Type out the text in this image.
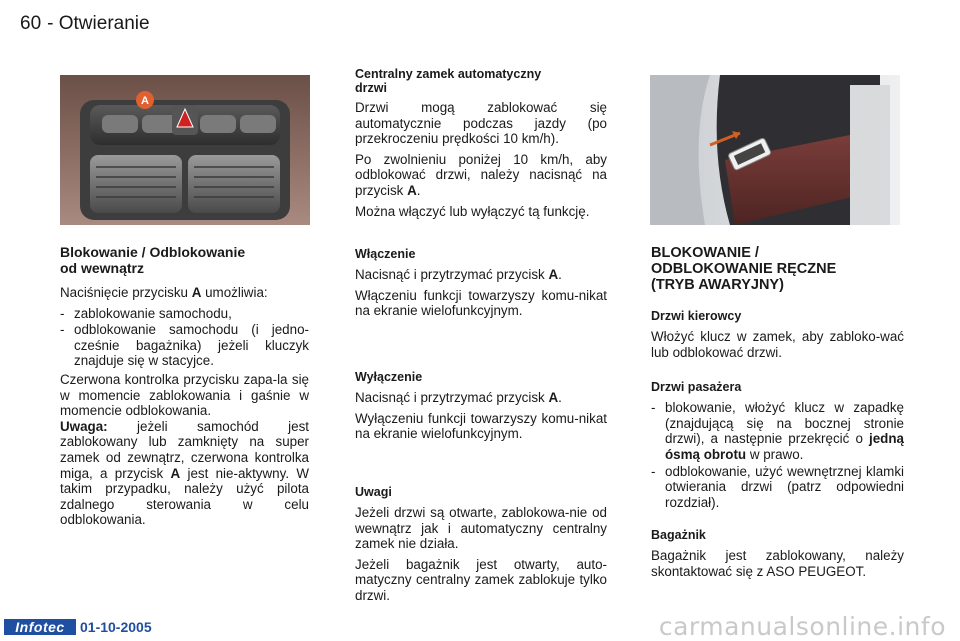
60 - Otwieranie
A

Blokowanie / Odblokowanie
od wewnątrz

Naciśnięcie przycisku A umożliwia:

- zablokowanie samochodu,
- odblokowanie samochodu (i jedno-cześnie bagażnika) jeżeli kluczyk znajduje się w stacyjce.

Czerwona kontrolka przycisku zapa-la się w momencie zablokowania i gaśnie w momencie odblokowania.

Uwaga: jeżeli samochód jest zablokowany lub zamknięty na super zamek od zewnątrz, czerwona kontrolka miga, a przycisk A jest nie-aktywny. W takim przypadku, należy użyć pilota zdalnego sterowania w celu odblokowania.

Centralny zamek automatyczny
drzwi

Drzwi mogą zablokować się automatycznie podczas jazdy (po przekroczeniu prędkości 10 km/h).

Po zwolnieniu poniżej 10 km/h, aby odblokować drzwi, należy nacisnąć na przycisk A.

Można włączyć lub wyłączyć tą funkcję.

Włączenie

Nacisnąć i przytrzymać przycisk A.

Włączeniu funkcji towarzyszy komu-nikat na ekranie wielofunkcyjnym.

Wyłączenie

Nacisnąć i przytrzymać przycisk A.

Wyłączeniu funkcji towarzyszy komu-nikat na ekranie wielofunkcyjnym.

Uwagi

Jeżeli drzwi są otwarte, zablokowa-nie od wewnątrz jak i automatyczny centralny zamek nie działa.

Jeżeli bagażnik jest otwarty, auto-matyczny centralny zamek zablokuje tylko drzwi.

BLOKOWANIE /
ODBLOKOWANIE RĘCZNE
(TRYB AWARYJNY)

Drzwi kierowcy

Włożyć klucz w zamek, aby zabloko-wać lub odblokować drzwi.

Drzwi pasażera

- blokowanie, włożyć klucz w zapadkę (znajdującą się na bocznej stronie drzwi), a następnie przekręcić o jedną ósmą obrotu w prawo.
- odblokowanie, użyć wewnętrznej klamki otwierania drzwi (patrz odpowiedni rozdział).

Bagażnik

Bagażnik jest zablokowany, należy skontaktować się z ASO PEUGEOT.

Infotec	01-10-2005	carmanualsonline.info
